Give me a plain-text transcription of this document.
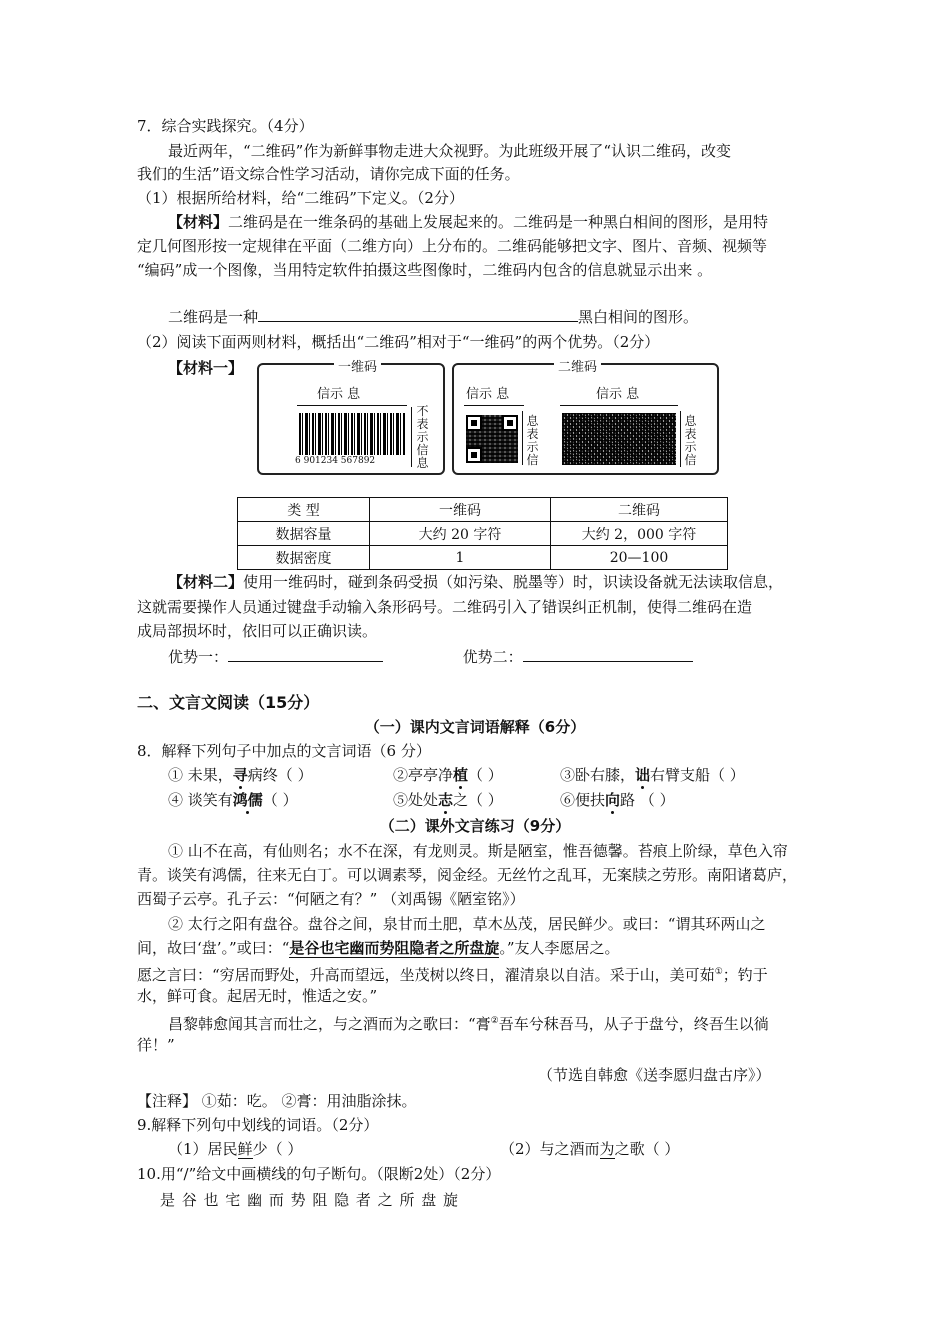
7．综合实践探究。（4分）
最近两年，“二维码”作为新鲜事物走进大众视野。为此班级开展了“认识二维码，改变
我们的生活”语文综合性学习活动，请你完成下面的任务。
（1）根据所给材料，给“二维码”下定义。（2分）
【材料】二维码是在一维条码的基础上发展起来的。二维码是一种黑白相间的图形，是用特
定几何图形按一定规律在平面（二维方向）上分布的。二维码能够把文字、图片、音频、视频等
“编码”成一个图像，当用特定软件拍摄这些图像时，二维码内包含的信息就显示出来 。
二维码是一种	黑白相间的图形。
（2）阅读下面两则材料，概括出“二维码”相对于“一维码”的两个优势。（2分）
【材料一】	一维码
信示 息
6 901234 567892
不表示信息
二维码
信示 息	信示 息
息表示信
息表示信
类 型	一维码	二维码
数据容量	大约 20 字符	大约 2，000 字符
数据密度	1	20—100
【材料二】使用一维码时，碰到条码受损（如污染、脱墨等）时，识读设备就无法读取信息，
这就需要操作人员通过键盘手动输入条形码号。二维码引入了错误纠正机制，使得二维码在造
成局部损坏时，依旧可以正确识读。
优势一：	优势二：
二、文言文阅读（15分）
（一）课内文言词语解释（6分）
8．解释下列句子中加点的文言词语（6 分）
① 未果，寻病终（ ）	②亭亭净植（ ）	③卧右膝，诎右臂支船（ ）
④ 谈笑有鸿儒（ ）	⑤处处志之（ ）	⑥便扶向路 （ ）
（二）课外文言练习（9分）
① 山不在高，有仙则名；水不在深，有龙则灵。斯是陋室，惟吾德馨。苔痕上阶绿，草色入帘
青。谈笑有鸿儒，往来无白丁。可以调素琴，阅金经。无丝竹之乱耳，无案牍之劳形。南阳诸葛庐，
西蜀子云亭。孔子云：“何陋之有？” （刘禹锡《陋室铭》）
② 太行之阳有盘谷。盘谷之间，泉甘而土肥，草木丛茂，居民鲜少。或曰：“谓其环两山之
间，故曰‘盘’。”或曰：“是谷也宅幽而势阻隐者之所盘旋。”友人李愿居之。
愿之言曰：“穷居而野处，升高而望远，坐茂树以终日，濯清泉以自洁。采于山，美可茹①；钓于
水，鲜可食。起居无时，惟适之安。”
昌黎韩愈闻其言而壮之，与之酒而为之歌曰：“膏②吾车兮秣吾马，从子于盘兮，终吾生以徜
徉！”
（节选自韩愈《送李愿归盘古序》）
【注释】 ①茹：吃。 ②膏：用油脂涂抹。
9.解释下列句中划线的词语。（2分）
（1）居民鲜少（ ）	（2）与之酒而为之歌（ ）
10.用“/”给文中画横线的句子断句。（限断2处）（2分）
是 谷 也 宅 幽 而 势 阻 隐 者 之 所 盘 旋
